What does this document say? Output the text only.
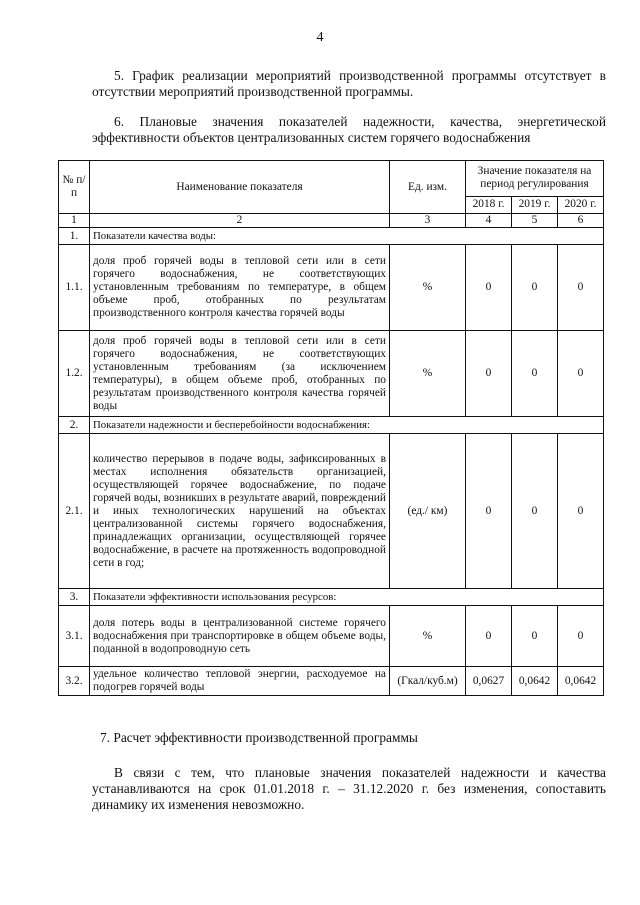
4

5. График реализации мероприятий производственной программы отсутствует в отсутствии мероприятий производственной программы.

6. Плановые значения показателей надежности, качества, энергетической эффективности объектов централизованных систем горячего водоснабжения

№ п/п	Наименование показателя	Ед. изм.	Значение показателя на период регулирования		
			2018 г.	2019 г.	2020 г.
1	2	3	4	5	6
1.	Показатели качества воды:				
1.1.	доля проб горячей воды в тепловой сети или в сети горячего водоснабжения, не соответствующих установленным требованиям по температуре, в общем объеме проб, отобранных по результатам производственного контроля качества горячей воды	%	0	0	0
1.2.	доля проб горячей воды в тепловой сети или в сети горячего водоснабжения, не соответствующих установленным требованиям (за исключением температуры), в общем объеме проб, отобранных по результатам производственного контроля качества горячей воды	%	0	0	0
2.	Показатели надежности и бесперебойности водоснабжения:				
2.1.	количество перерывов в подаче воды, зафиксированных в местах исполнения обязательств организацией, осуществляющей горячее водоснабжение, по подаче горячей воды, возникших в результате аварий, повреждений и иных технологических нарушений на объектах централизованной системы горячего водоснабжения, принадлежащих организации, осуществляющей горячее водоснабжение, в расчете на протяженность водопроводной сети в год;	(ед./ км)	0	0	0
3.	Показатели эффективности использования ресурсов:				
3.1.	доля потерь воды в централизованной системе горячего водоснабжения при транспортировке в общем объеме воды, поданной в водопроводную сеть	%	0	0	0
3.2.	удельное количество тепловой энергии, расходуемое на подогрев горячей воды	(Гкал/куб.м)	0,0627	0,0642	0,0642

7. Расчет эффективности производственной программы

В связи с тем, что плановые значения показателей надежности и качества устанавливаются на срок 01.01.2018 г. – 31.12.2020 г. без изменения, сопоставить динамику их изменения невозможно.
